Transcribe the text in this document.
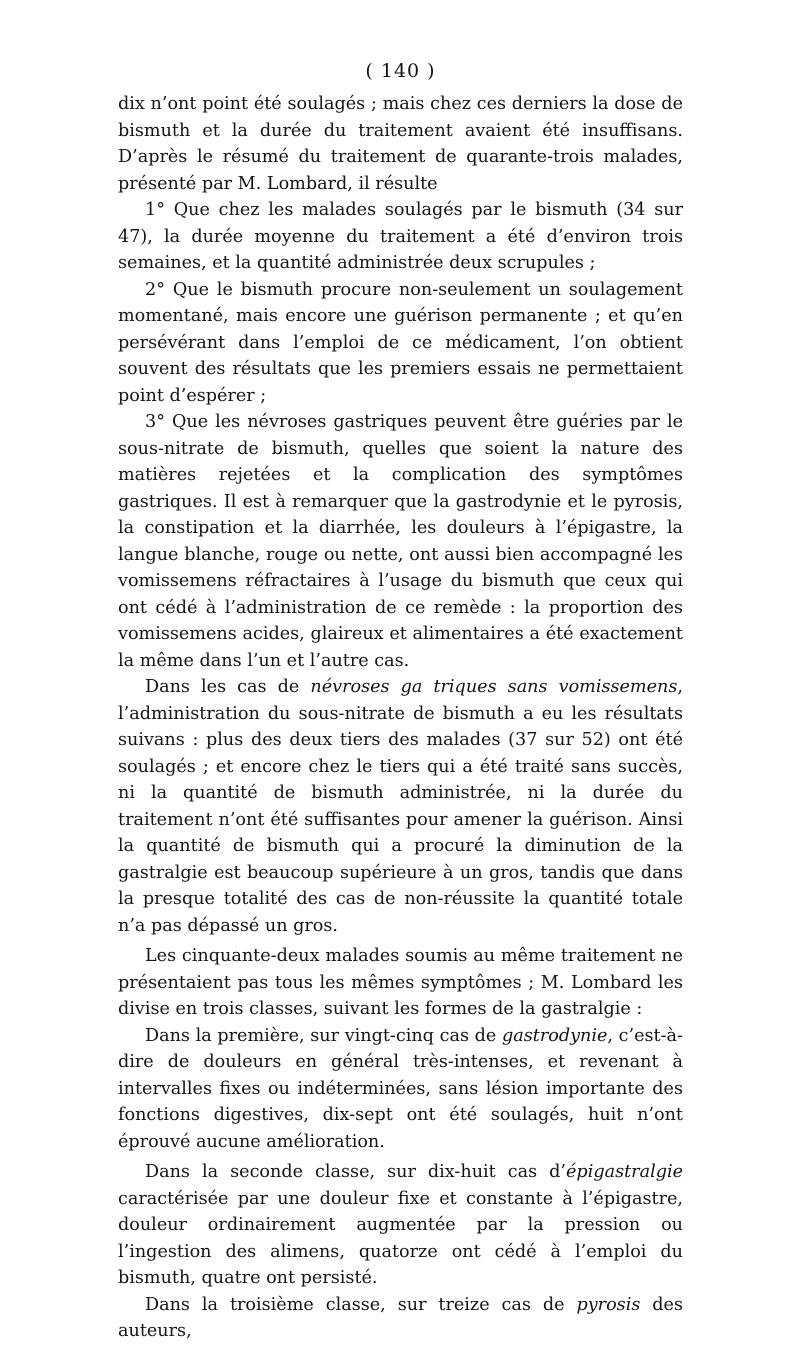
( 140 )

dix n’ont point été soulagés ; mais chez ces derniers la dose de bismuth et la durée du traitement avaient été insuffisans. D’après le résumé du traitement de quarante-trois malades, présenté par M. Lombard, il résulte

1° Que chez les malades soulagés par le bismuth (34 sur 47), la durée moyenne du traitement a été d’environ trois semaines, et la quantité administrée deux scrupules ;

2° Que le bismuth procure non-seulement un soulagement momentané, mais encore une guérison permanente ; et qu’en persévérant dans l’emploi de ce médicament, l’on obtient souvent des résultats que les premiers essais ne permettaient point d’espérer ;

3° Que les névroses gastriques peuvent être guéries par le sous-nitrate de bismuth, quelles que soient la nature des matières rejetées et la complication des symptômes gastriques. Il est à remarquer que la gastrodynie et le pyrosis, la constipation et la diarrhée, les douleurs à l’épigastre, la langue blanche, rouge ou nette, ont aussi bien accompagné les vomissemens réfractaires à l’usage du bismuth que ceux qui ont cédé à l’administration de ce remède : la proportion des vomissemens acides, glaireux et alimentaires a été exactement la même dans l’un et l’autre cas.

Dans les cas de névroses ga triques sans vomissemens, l’administration du sous-nitrate de bismuth a eu les résultats suivans : plus des deux tiers des malades (37 sur 52) ont été soulagés ; et encore chez le tiers qui a été traité sans succès, ni la quantité de bismuth administrée, ni la durée du traitement n’ont été suffisantes pour amener la guérison. Ainsi la quantité de bismuth qui a procuré la diminution de la gastralgie est beaucoup supérieure à un gros, tandis que dans la presque totalité des cas de non-réussite la quantité totale n’a pas dépassé un gros.

Les cinquante-deux malades soumis au même traitement ne présentaient pas tous les mêmes symptômes ; M. Lombard les divise en trois classes, suivant les formes de la gastralgie :

Dans la première, sur vingt-cinq cas de gastrodynie, c’est-à-dire de douleurs en général très-intenses, et revenant à intervalles fixes ou indéterminées, sans lésion importante des fonctions digestives, dix-sept ont été soulagés, huit n’ont éprouvé aucune amélioration.

Dans la seconde classe, sur dix-huit cas d’épigastralgie caractérisée par une douleur fixe et constante à l’épigastre, douleur ordinairement augmentée par la pression ou l’ingestion des alimens, quatorze ont cédé à l’emploi du bismuth, quatre ont persisté.

Dans la troisième classe, sur treize cas de pyrosis des auteurs,
